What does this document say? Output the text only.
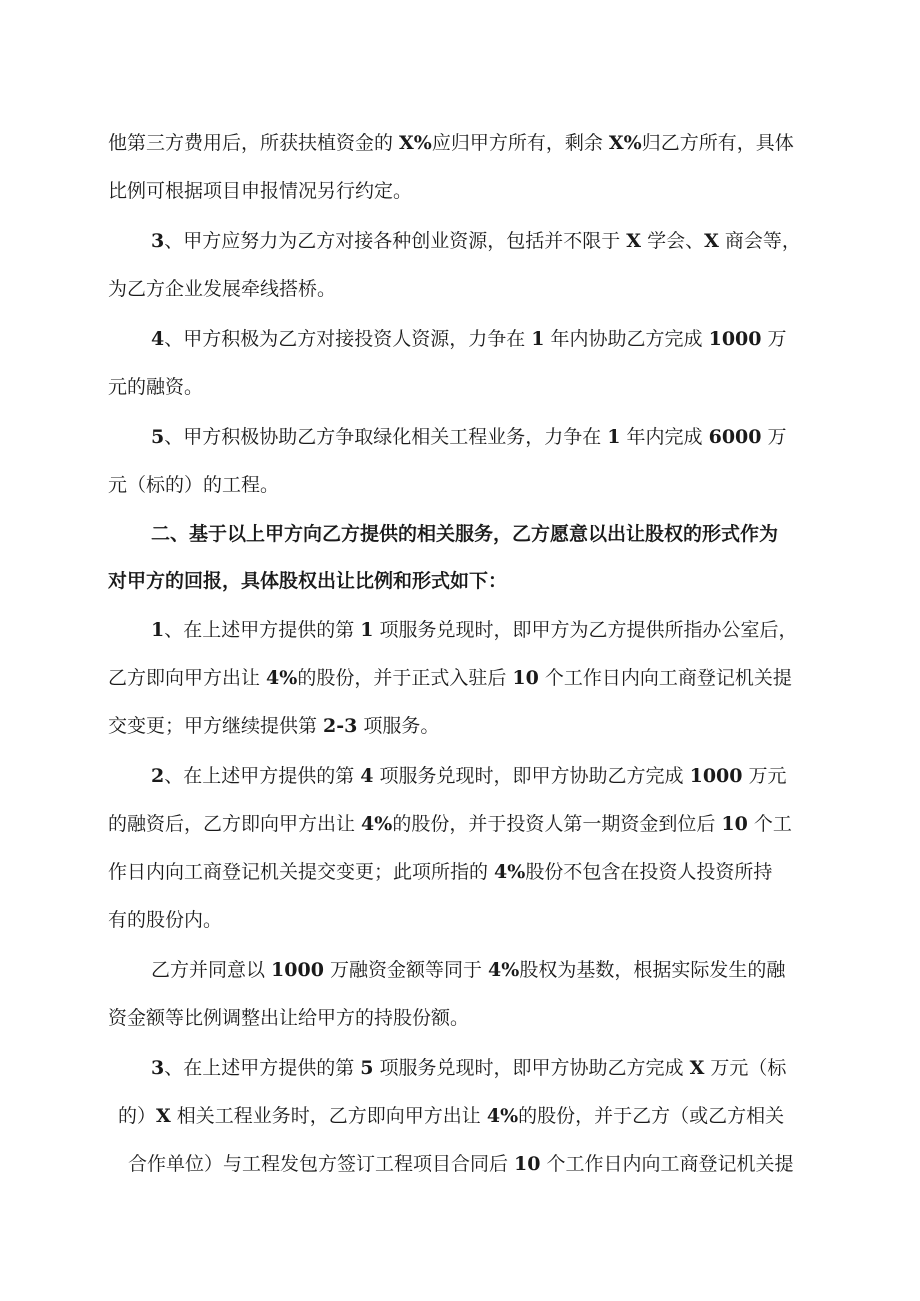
他第三方费用后，所获扶植资金的 X%应归甲方所有，剩余 X%归乙方所有，具体
比例可根据项目申报情况另行约定。
3、甲方应努力为乙方对接各种创业资源，包括并不限于 X 学会、X 商会等，
为乙方企业发展牵线搭桥。
4、甲方积极为乙方对接投资人资源，力争在 1 年内协助乙方完成 1000 万
元的融资。
5、甲方积极协助乙方争取绿化相关工程业务，力争在 1 年内完成 6000 万
元（标的）的工程。
二、基于以上甲方向乙方提供的相关服务，乙方愿意以出让股权的形式作为
对甲方的回报，具体股权出让比例和形式如下：
1、在上述甲方提供的第 1 项服务兑现时，即甲方为乙方提供所指办公室后，
乙方即向甲方出让 4%的股份，并于正式入驻后 10 个工作日内向工商登记机关提
交变更；甲方继续提供第 2-3 项服务。
2、在上述甲方提供的第 4 项服务兑现时，即甲方协助乙方完成 1000 万元
的融资后，乙方即向甲方出让 4%的股份，并于投资人第一期资金到位后 10 个工
作日内向工商登记机关提交变更；此项所指的 4%股份不包含在投资人投资所持
有的股份内。
乙方并同意以 1000 万融资金额等同于 4%股权为基数，根据实际发生的融
资金额等比例调整出让给甲方的持股份额。
3、在上述甲方提供的第 5 项服务兑现时，即甲方协助乙方完成 X 万元（标
的）X 相关工程业务时，乙方即向甲方出让 4%的股份，并于乙方（或乙方相关
合作单位）与工程发包方签订工程项目合同后 10 个工作日内向工商登记机关提
